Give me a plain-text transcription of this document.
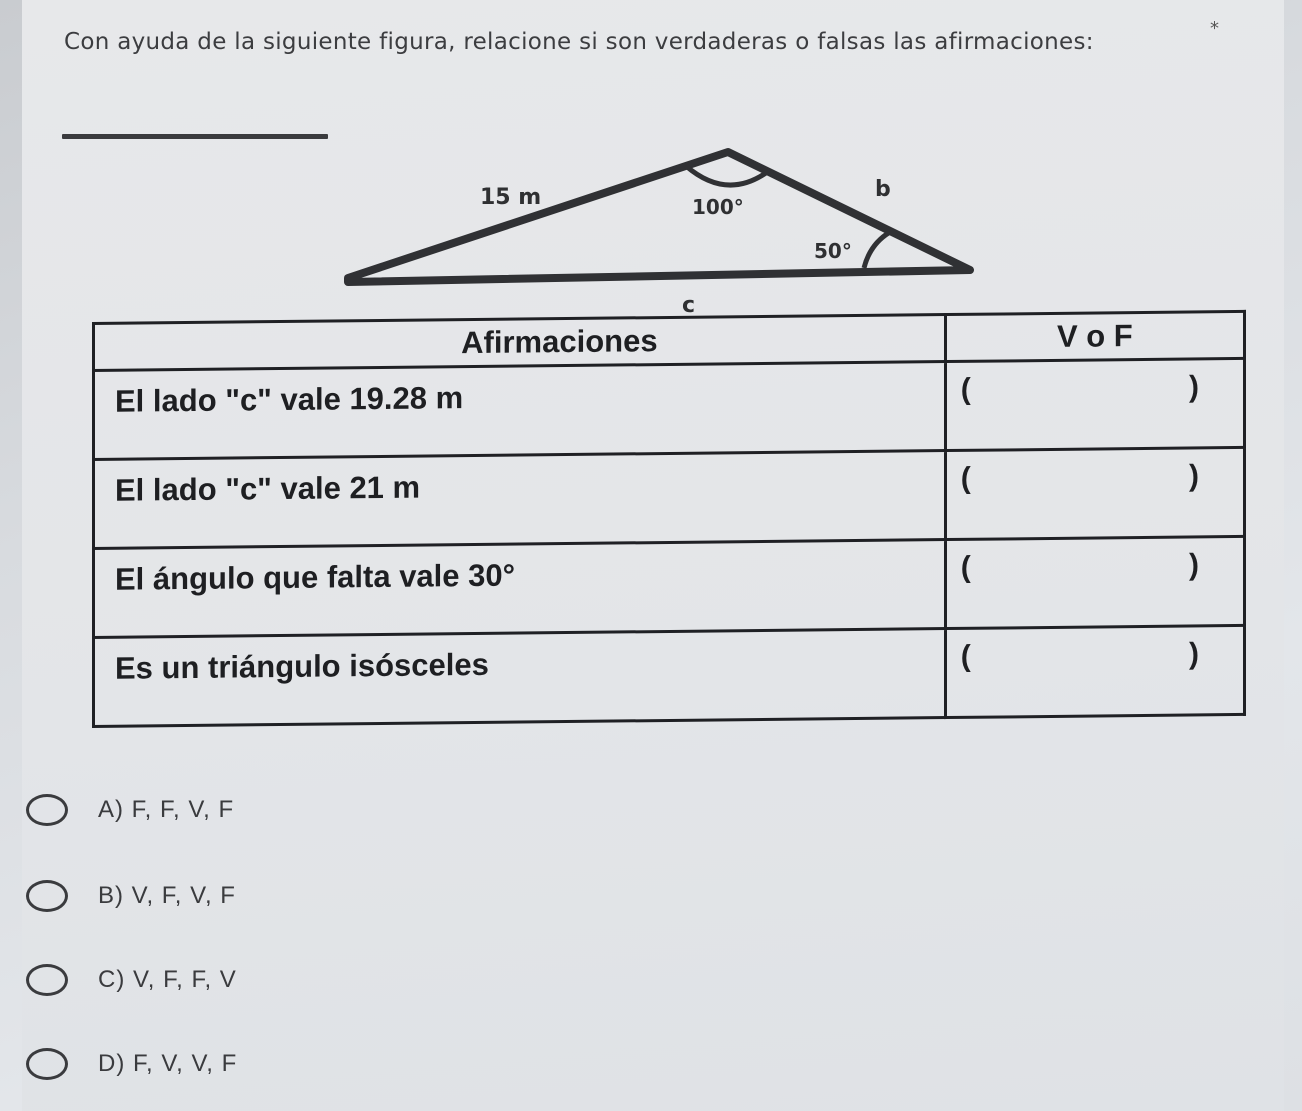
Con ayuda de la siguiente figura, relacione si son verdaderas o falsas las afirmaciones:
*
15 m	b
100°
50°
c
Afirmaciones	V o F
El lado "c" vale 19.28 m	( )

El lado "c" vale 21 m	( )

El ángulo que falta vale 30°	( )

Es un triángulo isósceles	( )
A) F, F, V, F
B) V, F, V, F
C) V, F, F, V
D) F, V, V, F
